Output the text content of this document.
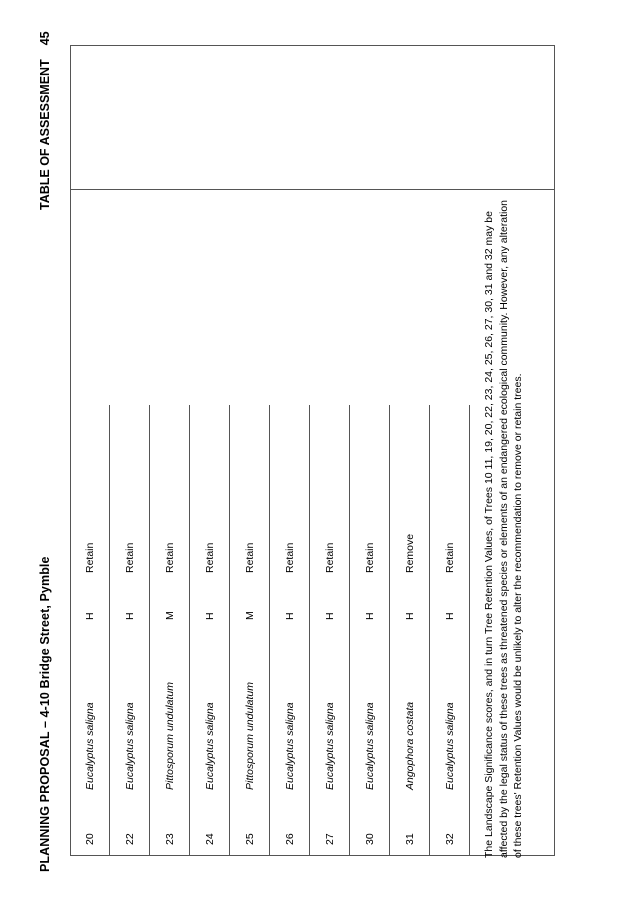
PLANNING PROPOSAL – 4-10 Bridge Street, Pymble
TABLE OF ASSESSMENT45
20
Eucalyptus saligna
H
Retain
22
Eucalyptus saligna
H
Retain
23
Pittosporum undulatum
M
Retain
24
Eucalyptus saligna
H
Retain
25
Pittosporum undulatum
M
Retain
26
Eucalyptus saligna
H
Retain
27
Eucalyptus saligna
H
Retain
30
Eucalyptus saligna
H
Retain
31
Angophora costata
H
Remove
32
Eucalyptus saligna
H
Retain	The Landscape Significance scores, and in turn Tree Retention Values, of Trees 10 11, 19, 20, 22, 23, 24, 25, 26, 27, 30, 31 and 32 may be affected by the legal status of these trees as threatened species or elements of an endangered ecological community. However, any alteration of these trees' Retention Values would be unlikely to alter the recommendation to remove or retain trees.
